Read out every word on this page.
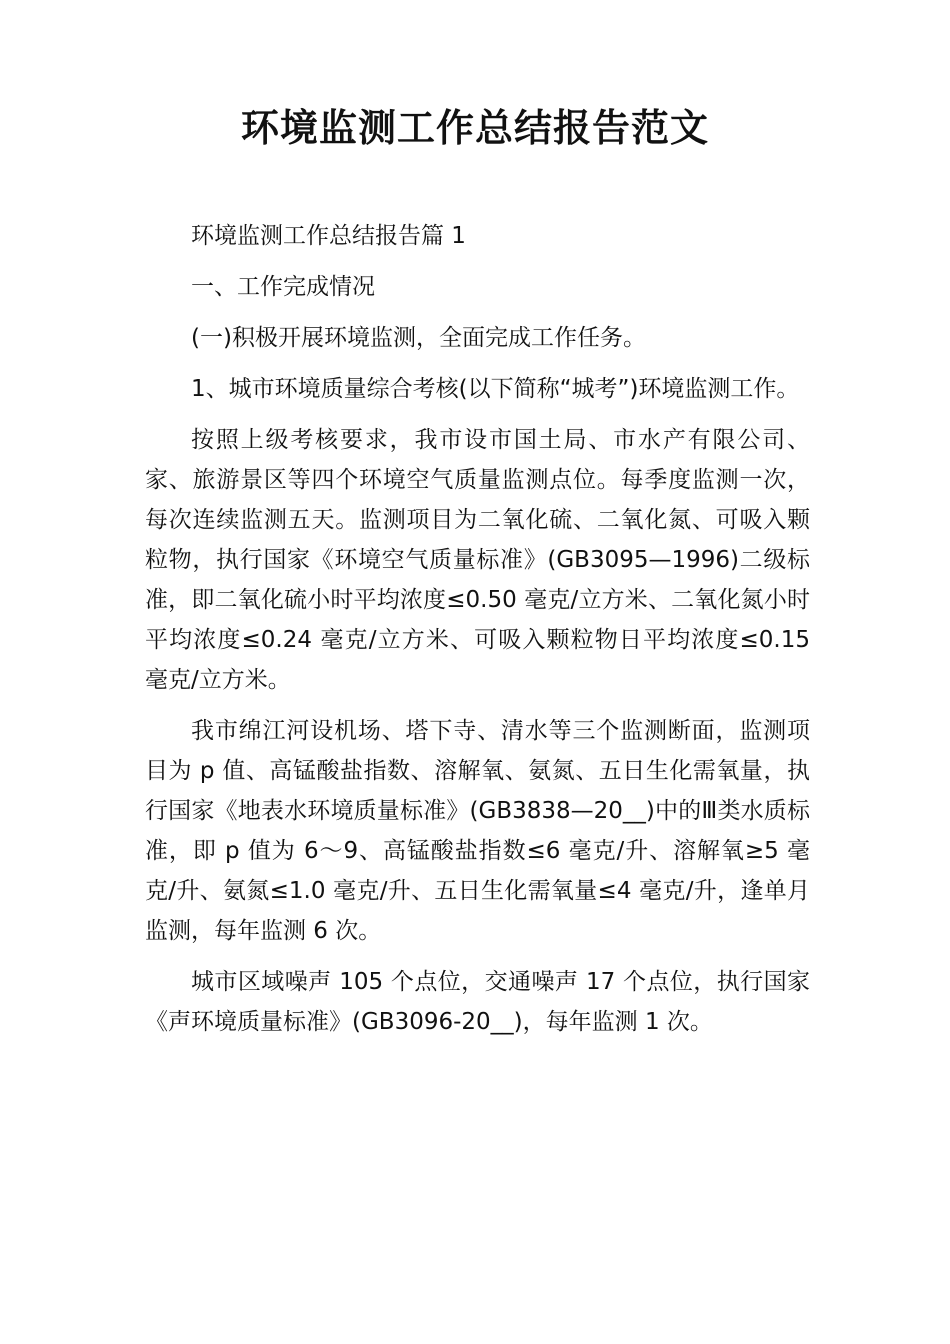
环境监测工作总结报告范文

环境监测工作总结报告篇 1

一、工作完成情况

(一)积极开展环境监测，全面完成工作任务。

1、城市环境质量综合考核(以下简称“城考”)环境监测工作。

按照上级考核要求，我市设市国土局、市水产有限公司、家、旅游景区等四个环境空气质量监测点位。每季度监测一次，每次连续监测五天。监测项目为二氧化硫、二氧化氮、可吸入颗粒物，执行国家《环境空气质量标准》(GB3095—1996)二级标准，即二氧化硫小时平均浓度≤0.50 毫克/立方米、二氧化氮小时平均浓度≤0.24 毫克/立方米、可吸入颗粒物日平均浓度≤0.15 毫克/立方米。

我市绵江河设机场、塔下寺、清水等三个监测断面，监测项目为 p 值、高锰酸盐指数、溶解氧、氨氮、五日生化需氧量，执行国家《地表水环境质量标准》(GB3838—20__)中的Ⅲ类水质标准，即 p 值为 6～9、高锰酸盐指数≤6 毫克/升、溶解氧≥5 毫克/升、氨氮≤1.0 毫克/升、五日生化需氧量≤4 毫克/升，逢单月监测，每年监测 6 次。

城市区域噪声 105 个点位，交通噪声 17 个点位，执行国家《声环境质量标准》(GB3096-20__)，每年监测 1 次。
